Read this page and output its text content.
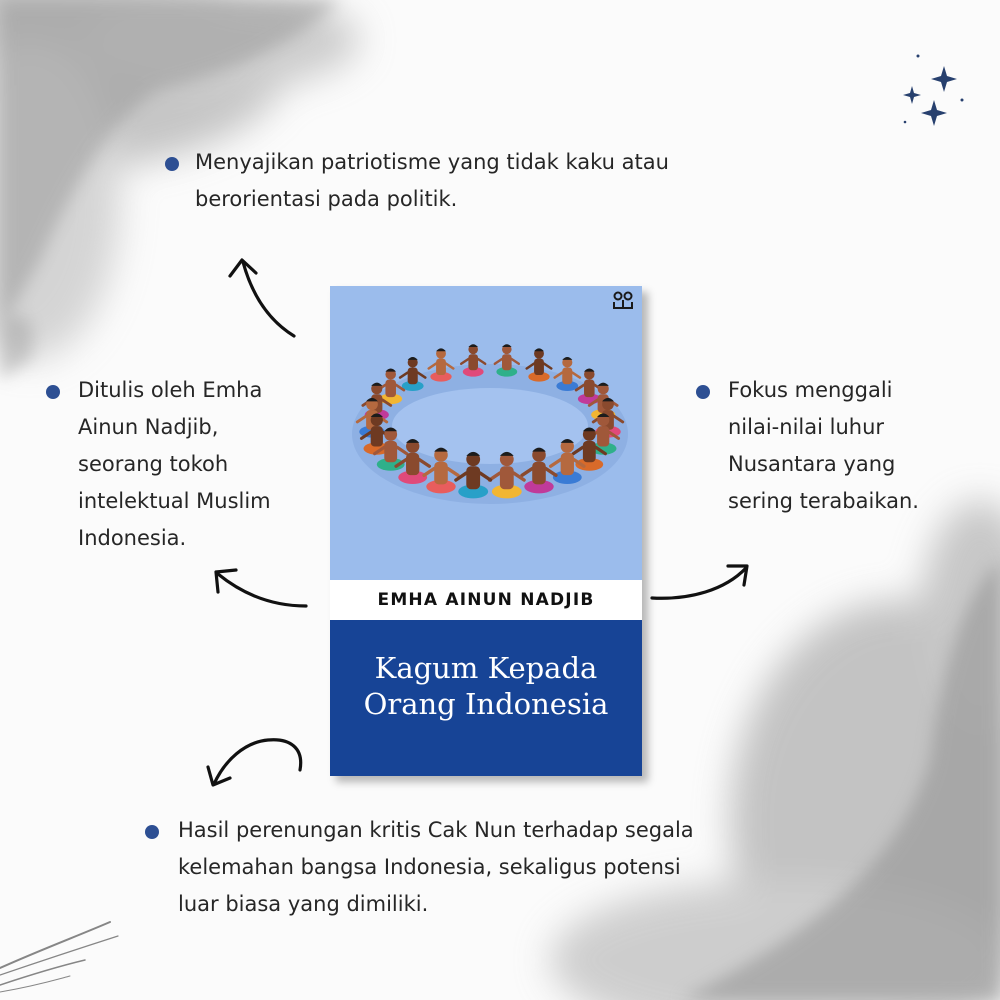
Menyajikan patriotisme yang tidak kaku atau
berorientasi pada politik.
Ditulis oleh Emha
Ainun Nadjib,
seorang tokoh
intelektual Muslim
Indonesia.
Fokus menggali
nilai-nilai luhur
Nusantara yang
sering terabaikan.
Hasil perenungan kritis Cak Nun terhadap segala
kelemahan bangsa Indonesia, sekaligus potensi
luar biasa yang dimiliki.
EMHA AINUN NADJIB
Kagum Kepada
Orang Indonesia
